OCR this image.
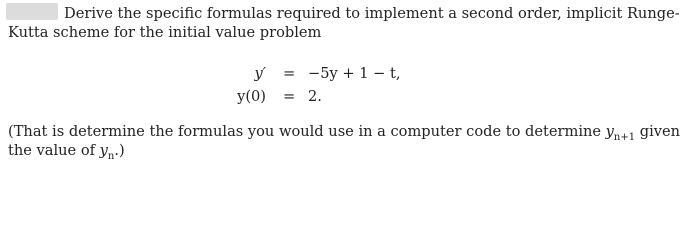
Derive the specific formulas required to implement a second order, implicit Runge-
Kutta scheme for the initial value problem
y′ = −5y + 1 − t,
y(0) = 2.
(That is determine the formulas you would use in a computer code to determine $y_{n+1}$ given
the value of $y_n$.)
